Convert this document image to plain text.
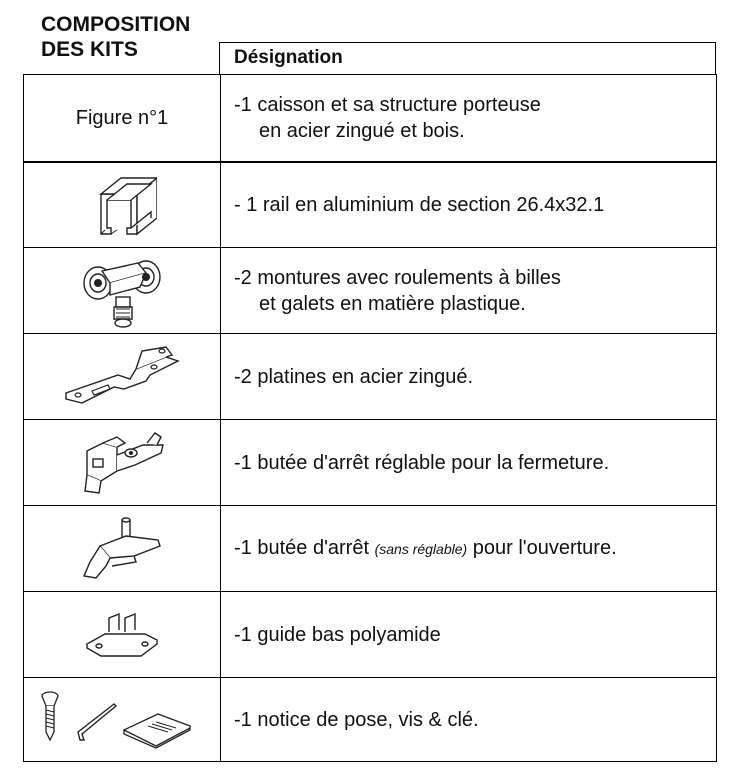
COMPOSITION
DES KITS	Désignation
Figure n°1
-1 caisson et sa structure porteuse
en acier zingué et bois.
- 1 rail en aluminium de section 26.4x32.1
-2 montures avec roulements à billes
et galets en matière plastique.
-2 platines en acier zingué.
-1 butée d'arrêt réglable pour la fermeture.
-1 butée d'arrêt (sans réglable) pour l'ouverture.
-1 guide bas polyamide
-1 notice de pose, vis & clé.
